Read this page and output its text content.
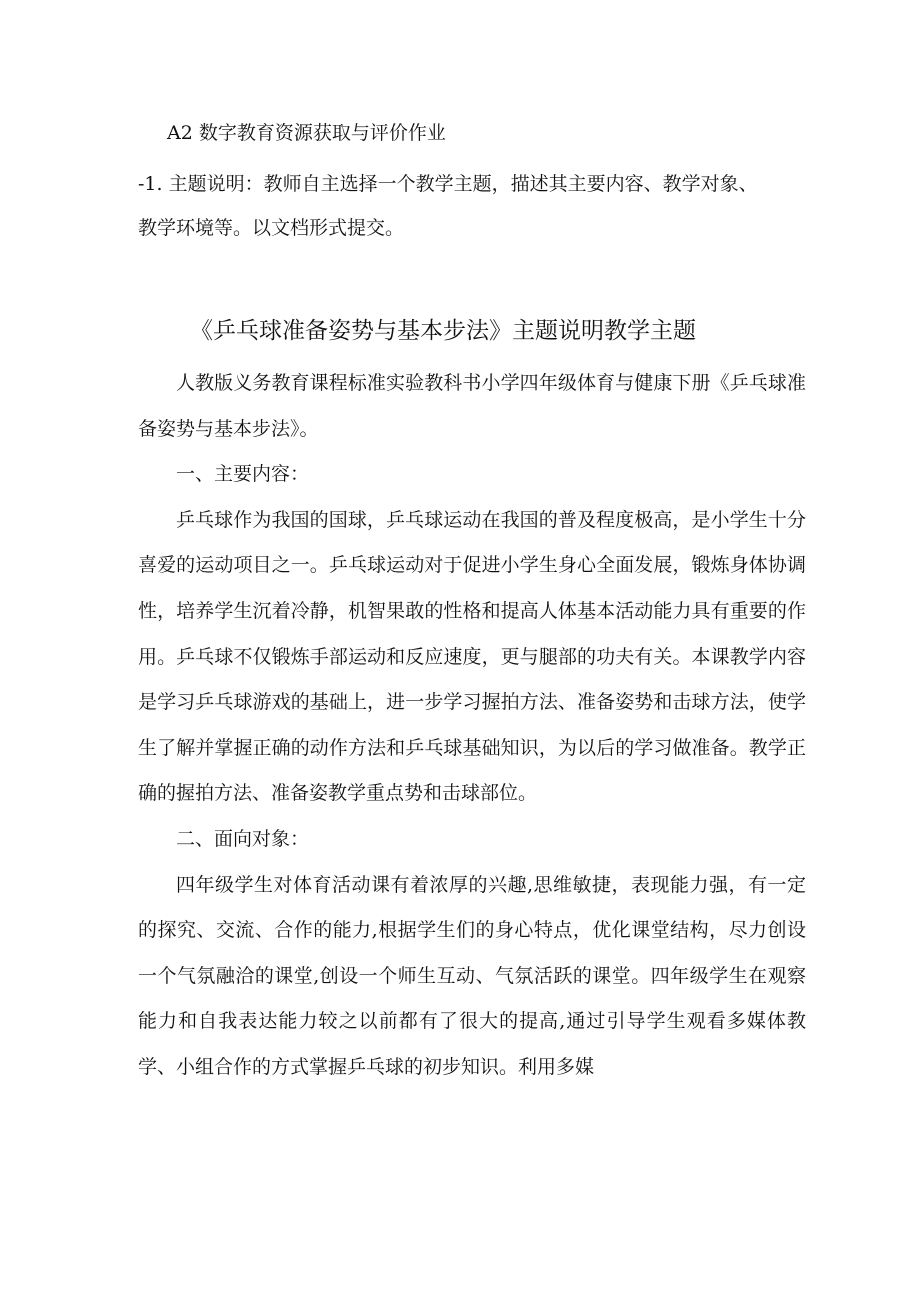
A2 数字教育资源获取与评价作业

-1. 主题说明：教师自主选择一个教学主题，描述其主要内容、教学对象、

教学环境等。以文档形式提交。

《乒乓球准备姿势与基本步法》主题说明教学主题

人教版义务教育课程标准实验教科书小学四年级体育与健康下册《乒乓球准备姿势与基本步法》。

一、主要内容：

乒乓球作为我国的国球，乒乓球运动在我国的普及程度极高，是小学生十分喜爱的运动项目之一。乒乓球运动对于促进小学生身心全面发展，锻炼身体协调性，培养学生沉着冷静，机智果敢的性格和提高人体基本活动能力具有重要的作用。乒乓球不仅锻炼手部运动和反应速度，更与腿部的功夫有关。本课教学内容是学习乒乓球游戏的基础上，进一步学习握拍方法、准备姿势和击球方法，使学生了解并掌握正确的动作方法和乒乓球基础知识，为以后的学习做准备。教学正确的握拍方法、准备姿教学重点势和击球部位。

二、面向对象：

四年级学生对体育活动课有着浓厚的兴趣,思维敏捷，表现能力强，有一定的探究、交流、合作的能力,根据学生们的身心特点，优化课堂结构，尽力创设一个气氛融洽的课堂,创设一个师生互动、气氛活跃的课堂。四年级学生在观察能力和自我表达能力较之以前都有了很大的提高,通过引导学生观看多媒体教学、小组合作的方式掌握乒乓球的初步知识。利用多媒
